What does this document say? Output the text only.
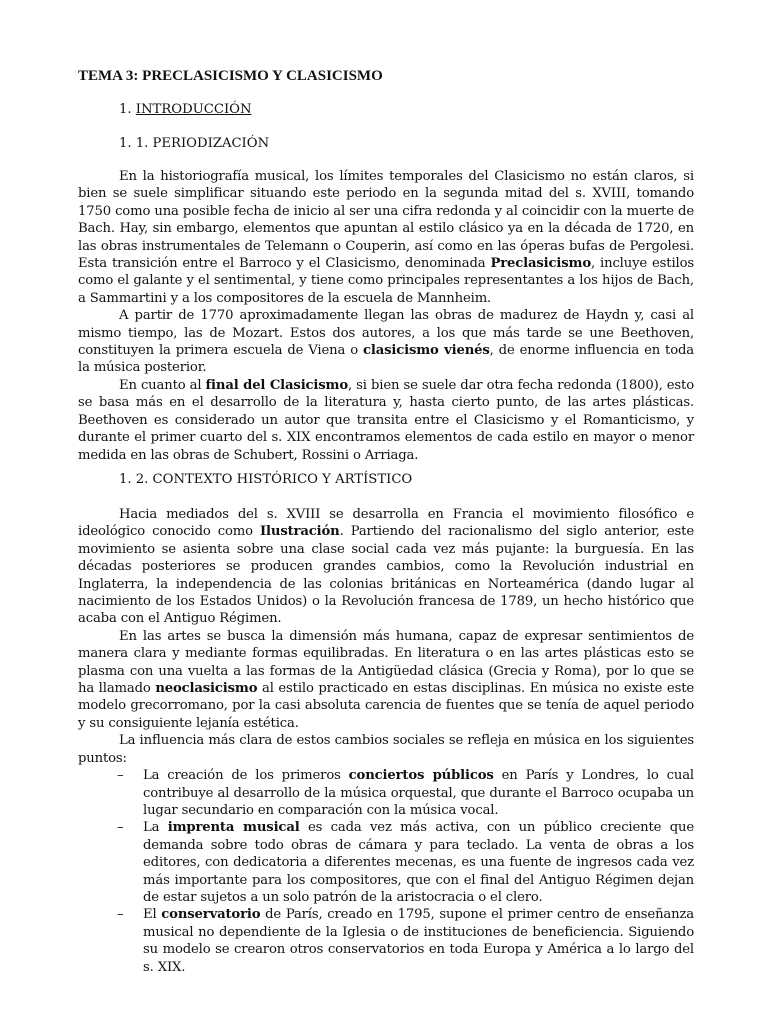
TEMA 3: PRECLASICISMO Y CLASICISMO
1. INTRODUCCIÓN
1. 1. PERIODIZACIÓN

En la historiografía musical, los límites temporales del Clasicismo no están claros, si bien se suele simplificar situando este periodo en la segunda mitad del s. XVIII, tomando 1750 como una posible fecha de inicio al ser una cifra redonda y al coincidir con la muerte de Bach. Hay, sin embargo, elementos que apuntan al estilo clásico ya en la década de 1720, en las obras instrumentales de Telemann o Couperin, así como en las óperas bufas de Pergolesi. Esta transición entre el Barroco y el Clasicismo, denominada Preclasicismo, incluye estilos como el galante y el sentimental, y tiene como principales representantes a los hijos de Bach, a Sammartini y a los compositores de la escuela de Mannheim.

A partir de 1770 aproximadamente llegan las obras de madurez de Haydn y, casi al mismo tiempo, las de Mozart. Estos dos autores, a los que más tarde se une Beethoven, constituyen la primera escuela de Viena o clasicismo vienés, de enorme influencia en toda la música posterior.

En cuanto al final del Clasicismo, si bien se suele dar otra fecha redonda (1800), esto se basa más en el desarrollo de la literatura y, hasta cierto punto, de las artes plásticas. Beethoven es considerado un autor que transita entre el Clasicismo y el Romanticismo, y durante el primer cuarto del s. XIX encontramos elementos de cada estilo en mayor o menor medida en las obras de Schubert, Rossini o Arriaga.

1. 2. CONTEXTO HISTÓRICO Y ARTÍSTICO

Hacia mediados del s. XVIII se desarrolla en Francia el movimiento filosófico e ideológico conocido como Ilustración. Partiendo del racionalismo del siglo anterior, este movimiento se asienta sobre una clase social cada vez más pujante: la burguesía. En las décadas posteriores se producen grandes cambios, como la Revolución industrial en Inglaterra, la independencia de las colonias británicas en Norteamérica (dando lugar al nacimiento de los Estados Unidos) o la Revolución francesa de 1789, un hecho histórico que acaba con el Antiguo Régimen.

En las artes se busca la dimensión más humana, capaz de expresar sentimientos de manera clara y mediante formas equilibradas. En literatura o en las artes plásticas esto se plasma con una vuelta a las formas de la Antigüedad clásica (Grecia y Roma), por lo que se ha llamado neoclasicismo al estilo practicado en estas disciplinas. En música no existe este modelo grecorromano, por la casi absoluta carencia de fuentes que se tenía de aquel periodo y su consiguiente lejanía estética.

La influencia más clara de estos cambios sociales se refleja en música en los siguientes puntos:

– La creación de los primeros conciertos públicos en París y Londres, lo cual contribuye al desarrollo de la música orquestal, que durante el Barroco ocupaba un lugar secundario en comparación con la música vocal.
– La imprenta musical es cada vez más activa, con un público creciente que demanda sobre todo obras de cámara y para teclado. La venta de obras a los editores, con dedicatoria a diferentes mecenas, es una fuente de ingresos cada vez más importante para los compositores, que con el final del Antiguo Régimen dejan de estar sujetos a un solo patrón de la aristocracia o el clero.
– El conservatorio de París, creado en 1795, supone el primer centro de enseñanza musical no dependiente de la Iglesia o de instituciones de beneficiencia. Siguiendo su modelo se crearon otros conservatorios en toda Europa y América a lo largo del s. XIX.
